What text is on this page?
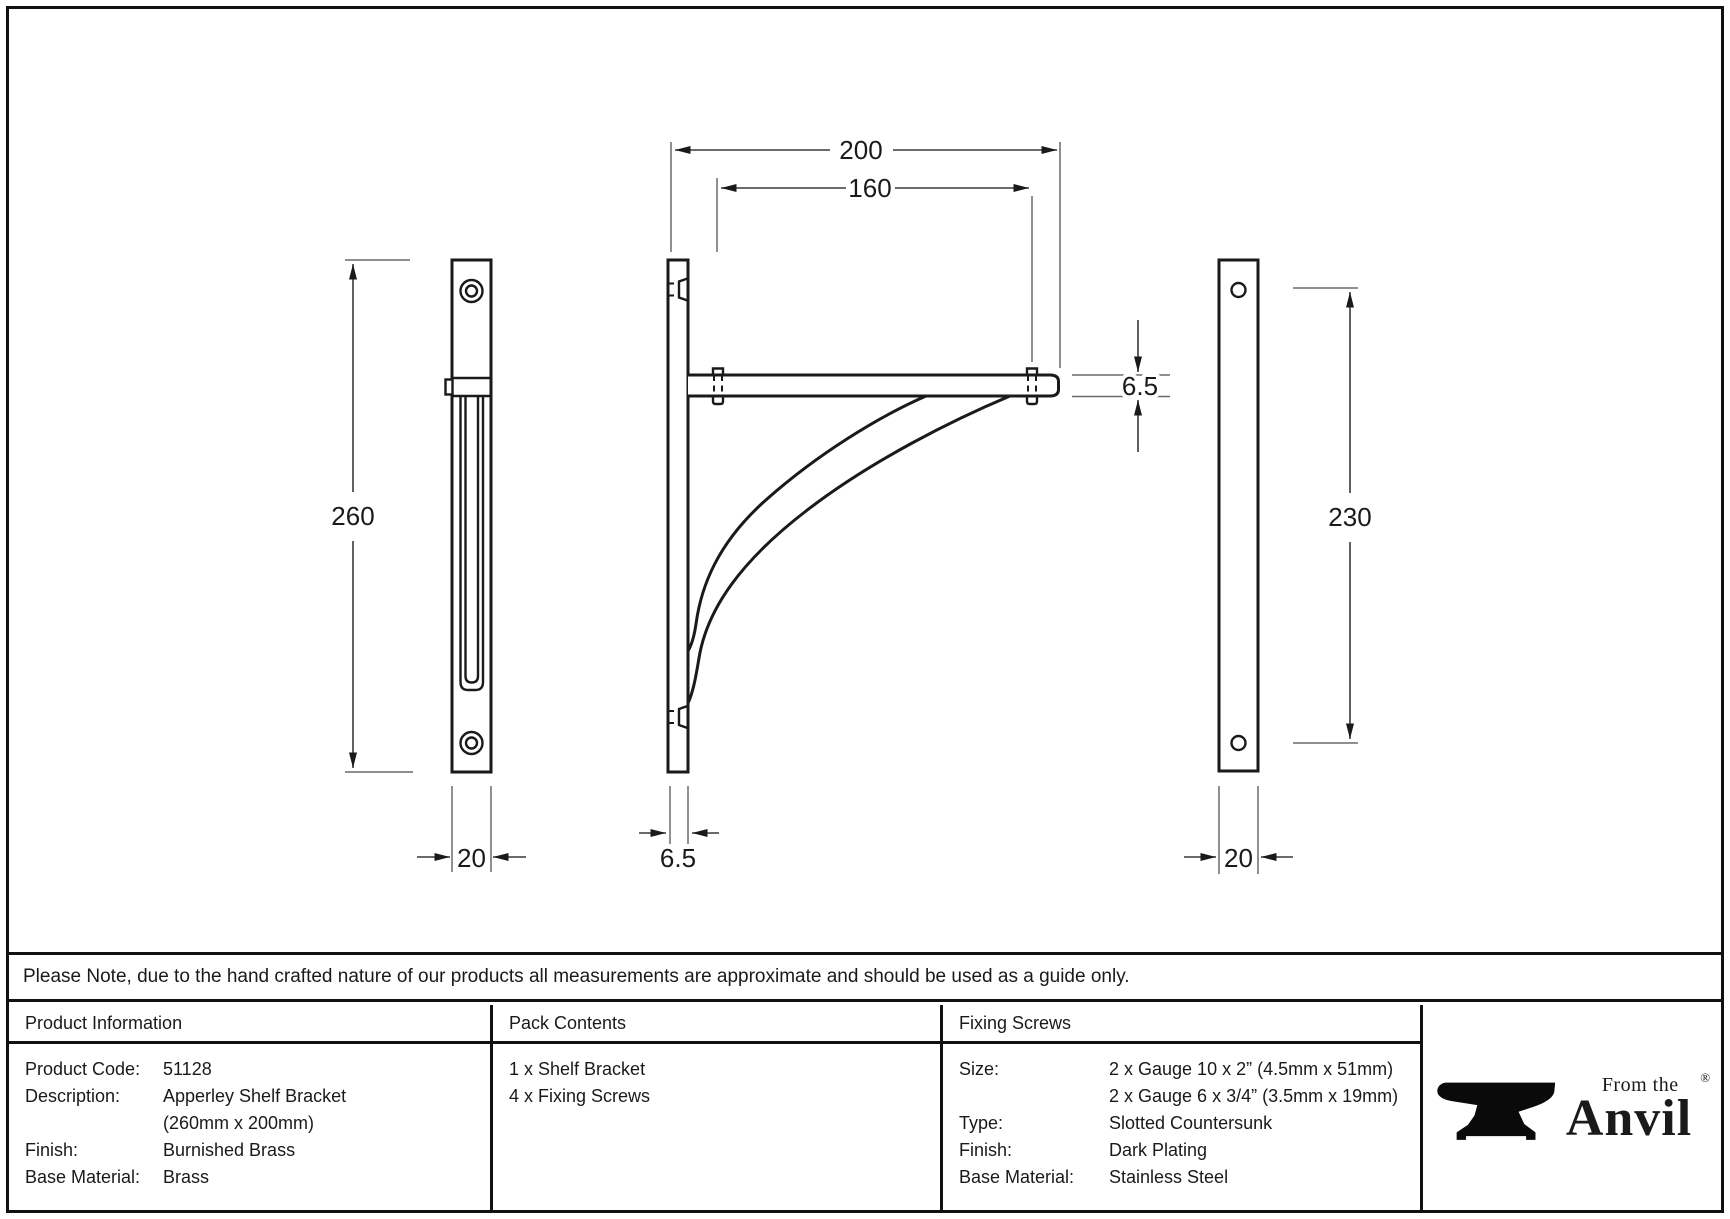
260
20
200
160
6.5
6.5
230
20
Please Note, due to the hand crafted nature of our products all measurements are approximate and should be used as a guide only.
Product Information	Pack Contents	Fixing Screws
From the
Anvil
®
Product Code:	51128
Description:	Apperley Shelf Bracket
(260mm x 200mm)
Finish:	Burnished Brass
Base Material:	Brass
1 x Shelf Bracket
4 x Fixing Screws
Size:	2 x Gauge 10 x 2” (4.5mm x 51mm)
2 x Gauge 6 x 3/4” (3.5mm x 19mm)
Type:	Slotted Countersunk
Finish:	Dark Plating
Base Material:	Stainless Steel
